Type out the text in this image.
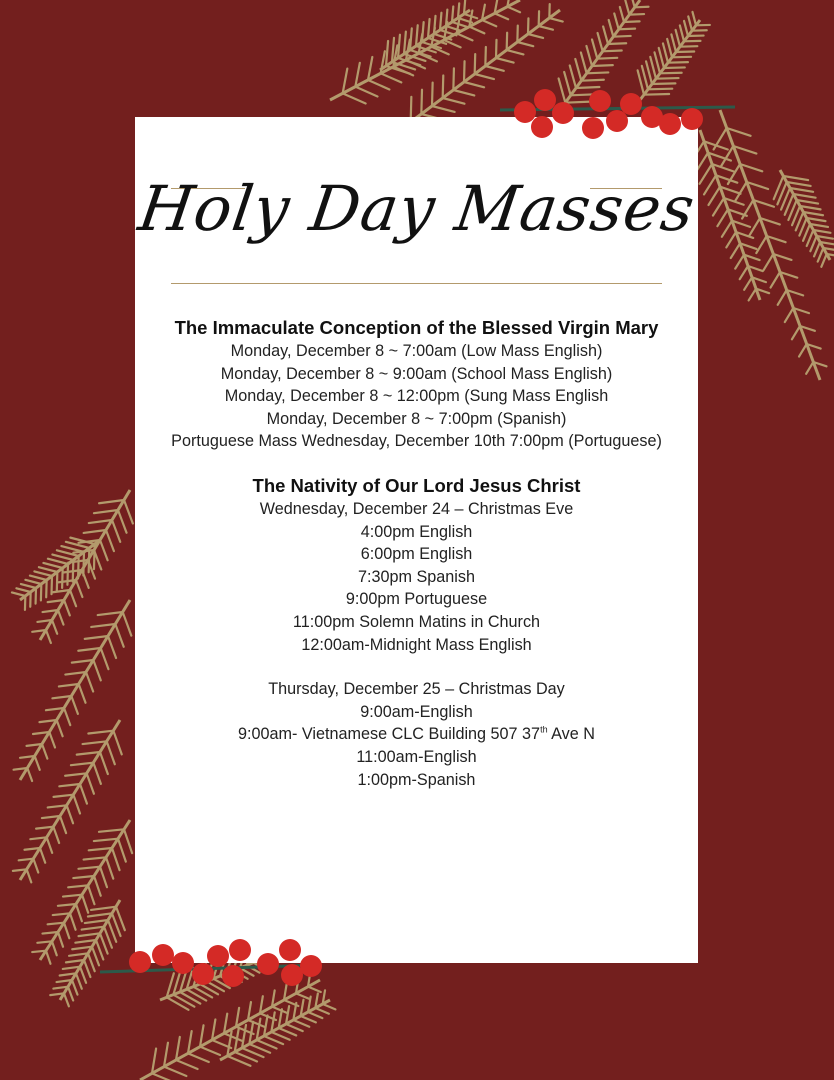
Holy Day Masses
The Immaculate Conception of the Blessed Virgin Mary
Monday, December 8 ~ 7:00am (Low Mass English)
Monday, December 8 ~ 9:00am (School Mass English)
Monday, December 8 ~ 12:00pm (Sung Mass English
Monday, December 8 ~ 7:00pm (Spanish)
Portuguese Mass Wednesday, December 10th 7:00pm (Portuguese)
The Nativity of Our Lord Jesus Christ
Wednesday, December 24 – Christmas Eve
4:00pm English
6:00pm English
7:30pm Spanish
9:00pm Portuguese
11:00pm Solemn Matins in Church
12:00am-Midnight Mass English
Thursday, December 25 – Christmas Day
9:00am-English
9:00am- Vietnamese CLC Building 507 37th Ave N
11:00am-English
1:00pm-Spanish
